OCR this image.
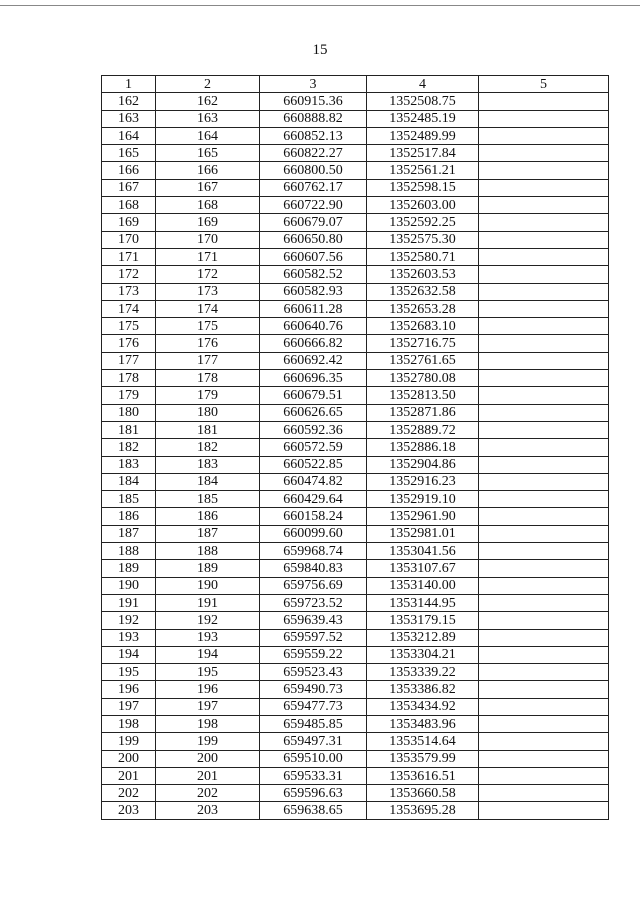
15
1	2	3	4	5
162	162	660915.36	1352508.75	
163	163	660888.82	1352485.19	
164	164	660852.13	1352489.99	
165	165	660822.27	1352517.84	
166	166	660800.50	1352561.21	
167	167	660762.17	1352598.15	
168	168	660722.90	1352603.00	
169	169	660679.07	1352592.25	
170	170	660650.80	1352575.30	
171	171	660607.56	1352580.71	
172	172	660582.52	1352603.53	
173	173	660582.93	1352632.58	
174	174	660611.28	1352653.28	
175	175	660640.76	1352683.10	
176	176	660666.82	1352716.75	
177	177	660692.42	1352761.65	
178	178	660696.35	1352780.08	
179	179	660679.51	1352813.50	
180	180	660626.65	1352871.86	
181	181	660592.36	1352889.72	
182	182	660572.59	1352886.18	
183	183	660522.85	1352904.86	
184	184	660474.82	1352916.23	
185	185	660429.64	1352919.10	
186	186	660158.24	1352961.90	
187	187	660099.60	1352981.01	
188	188	659968.74	1353041.56	
189	189	659840.83	1353107.67	
190	190	659756.69	1353140.00	
191	191	659723.52	1353144.95	
192	192	659639.43	1353179.15	
193	193	659597.52	1353212.89	
194	194	659559.22	1353304.21	
195	195	659523.43	1353339.22	
196	196	659490.73	1353386.82	
197	197	659477.73	1353434.92	
198	198	659485.85	1353483.96	
199	199	659497.31	1353514.64	
200	200	659510.00	1353579.99	
201	201	659533.31	1353616.51	
202	202	659596.63	1353660.58	
203	203	659638.65	1353695.28	
